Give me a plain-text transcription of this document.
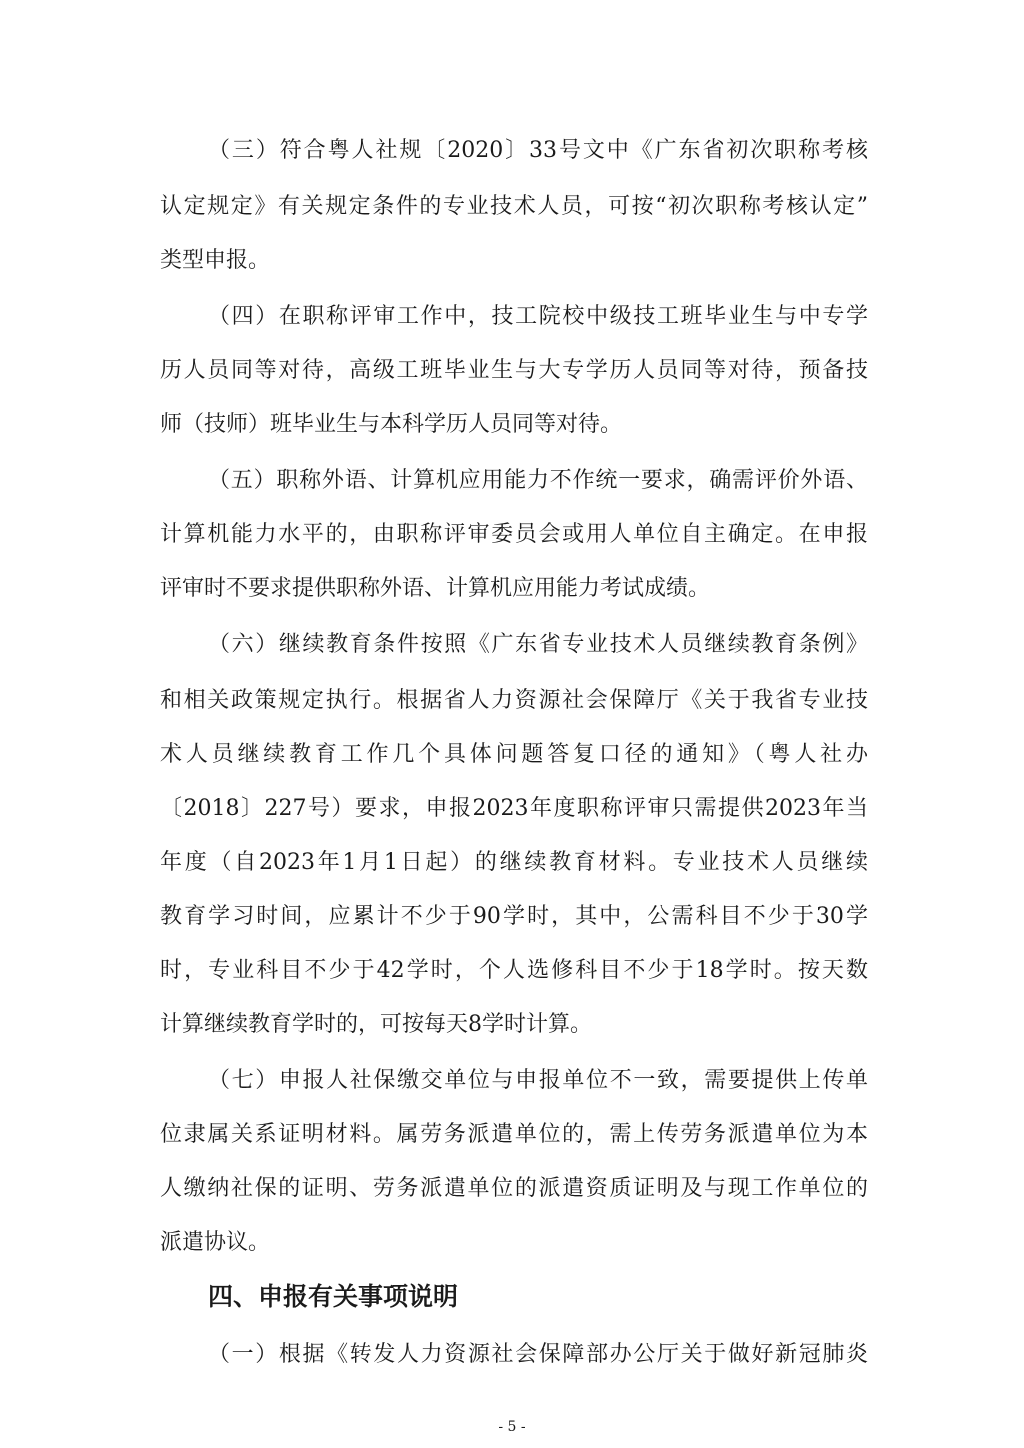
（三）符合粤人社规〔2020〕33号文中《广东省初次职称考核
认定规定》有关规定条件的专业技术人员，可按“初次职称考核认定”
类型申报。
（四）在职称评审工作中，技工院校中级技工班毕业生与中专学
历人员同等对待，高级工班毕业生与大专学历人员同等对待，预备技
师（技师）班毕业生与本科学历人员同等对待。
（五）职称外语、计算机应用能力不作统一要求，确需评价外语、
计算机能力水平的，由职称评审委员会或用人单位自主确定。在申报
评审时不要求提供职称外语、计算机应用能力考试成绩。
（六）继续教育条件按照《广东省专业技术人员继续教育条例》
和相关政策规定执行。根据省人力资源社会保障厅《关于我省专业技
术人员继续教育工作几个具体问题答复口径的通知》（粤人社办
〔2018〕227号）要求，申报2023年度职称评审只需提供2023年当
年度（自2023年1月1日起）的继续教育材料。专业技术人员继续
教育学习时间，应累计不少于90学时，其中，公需科目不少于30学
时，专业科目不少于42学时，个人选修科目不少于18学时。按天数
计算继续教育学时的，可按每天8学时计算。
（七）申报人社保缴交单位与申报单位不一致，需要提供上传单
位隶属关系证明材料。属劳务派遣单位的，需上传劳务派遣单位为本
人缴纳社保的证明、劳务派遣单位的派遣资质证明及与现工作单位的
派遣协议。
四、申报有关事项说明
（一）根据《转发人力资源社会保障部办公厅关于做好新冠肺炎
- 5 -
